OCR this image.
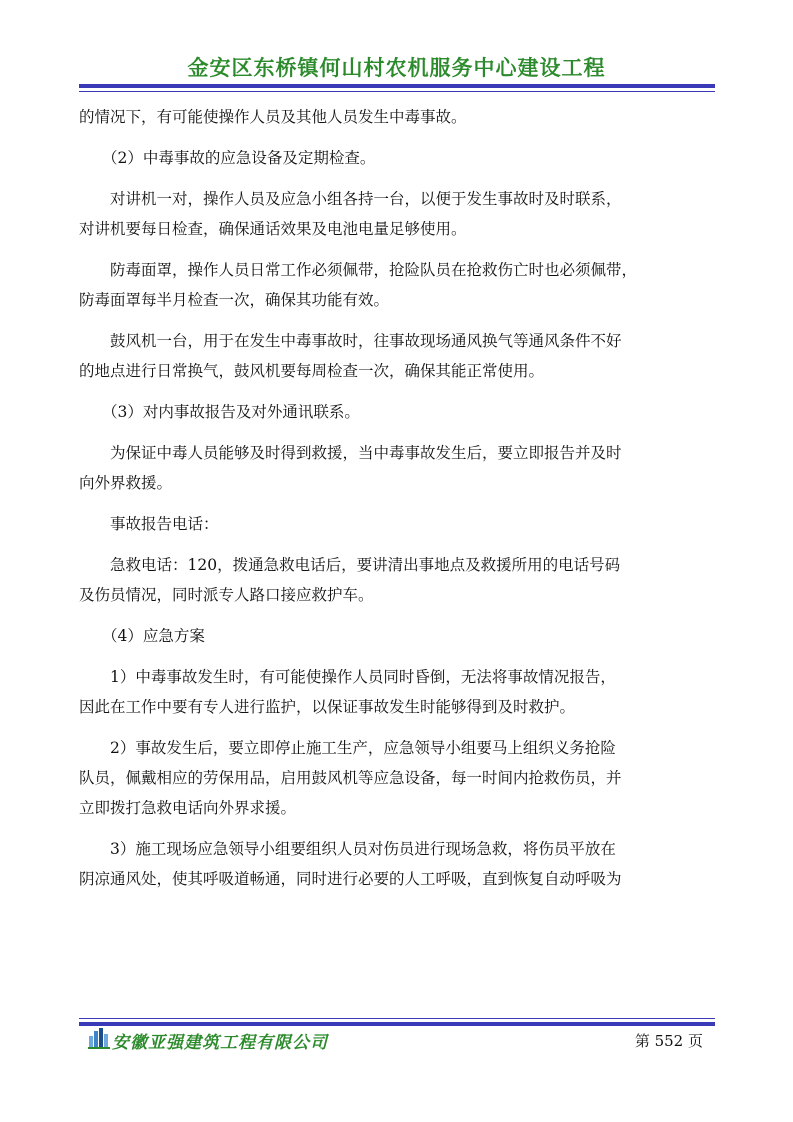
金安区东桥镇何山村农机服务中心建设工程

的情况下，有可能使操作人员及其他人员发生中毒事故。

（2）中毒事故的应急设备及定期检查。

对讲机一对，操作人员及应急小组各持一台，以便于发生事故时及时联系，
对讲机要每日检查，确保通话效果及电池电量足够使用。

防毒面罩，操作人员日常工作必须佩带，抢险队员在抢救伤亡时也必须佩带，
防毒面罩每半月检查一次，确保其功能有效。

鼓风机一台，用于在发生中毒事故时，往事故现场通风换气等通风条件不好
的地点进行日常换气，鼓风机要每周检查一次，确保其能正常使用。

（3）对内事故报告及对外通讯联系。

为保证中毒人员能够及时得到救援，当中毒事故发生后，要立即报告并及时
向外界救援。

事故报告电话：

急救电话：120，拨通急救电话后，要讲清出事地点及救援所用的电话号码
及伤员情况，同时派专人路口接应救护车。

（4）应急方案

1）中毒事故发生时，有可能使操作人员同时昏倒，无法将事故情况报告，
因此在工作中要有专人进行监护，以保证事故发生时能够得到及时救护。

2）事故发生后，要立即停止施工生产，应急领导小组要马上组织义务抢险
队员，佩戴相应的劳保用品，启用鼓风机等应急设备，每一时间内抢救伤员，并
立即拨打急救电话向外界求援。

3）施工现场应急领导小组要组织人员对伤员进行现场急救，将伤员平放在
阴凉通风处，使其呼吸道畅通，同时进行必要的人工呼吸，直到恢复自动呼吸为

安徽亚强建筑工程有限公司	第 552 页
